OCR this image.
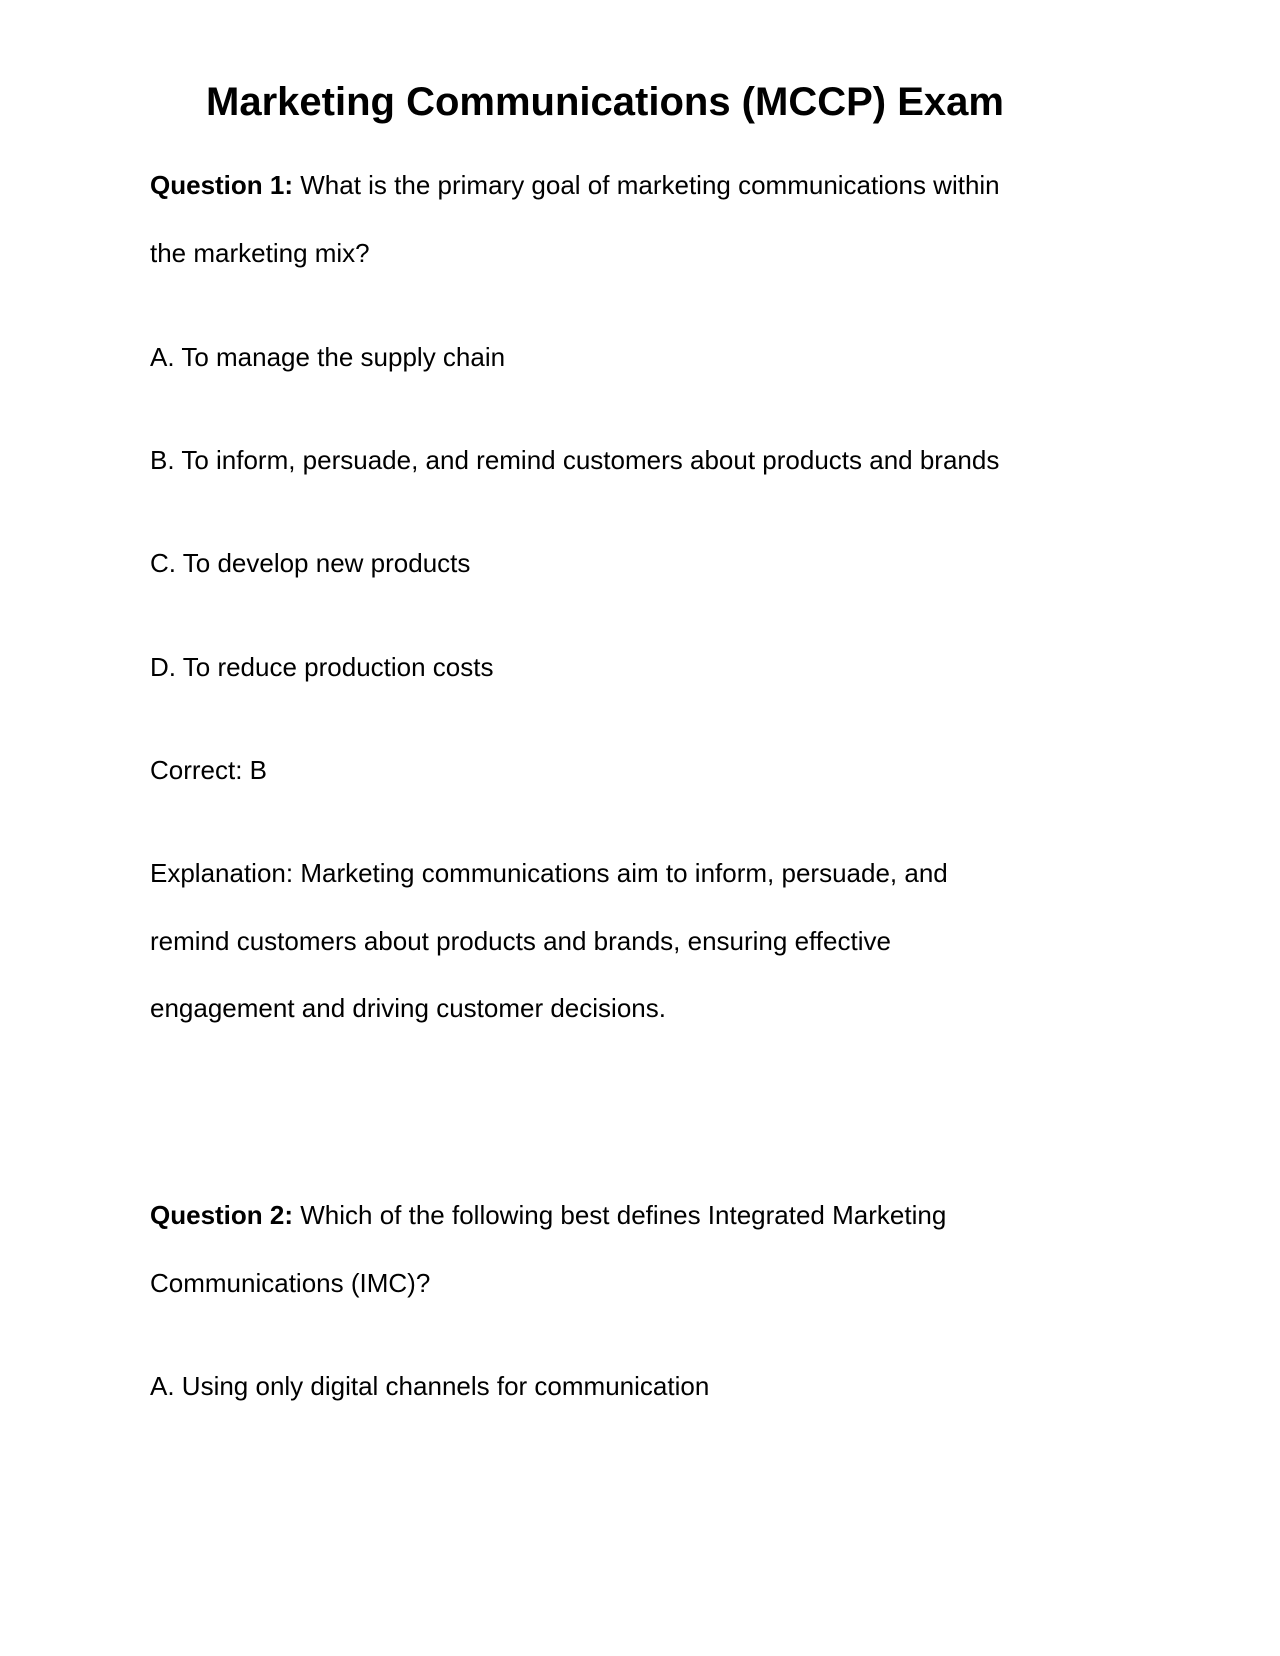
Marketing Communications (MCCP) Exam

Question 1: What is the primary goal of marketing communications within

the marketing mix?

A. To manage the supply chain

B. To inform, persuade, and remind customers about products and brands

C. To develop new products

D. To reduce production costs

Correct: B

Explanation: Marketing communications aim to inform, persuade, and

remind customers about products and brands, ensuring effective

engagement and driving customer decisions.

Question 2: Which of the following best defines Integrated Marketing

Communications (IMC)?

A. Using only digital channels for communication
